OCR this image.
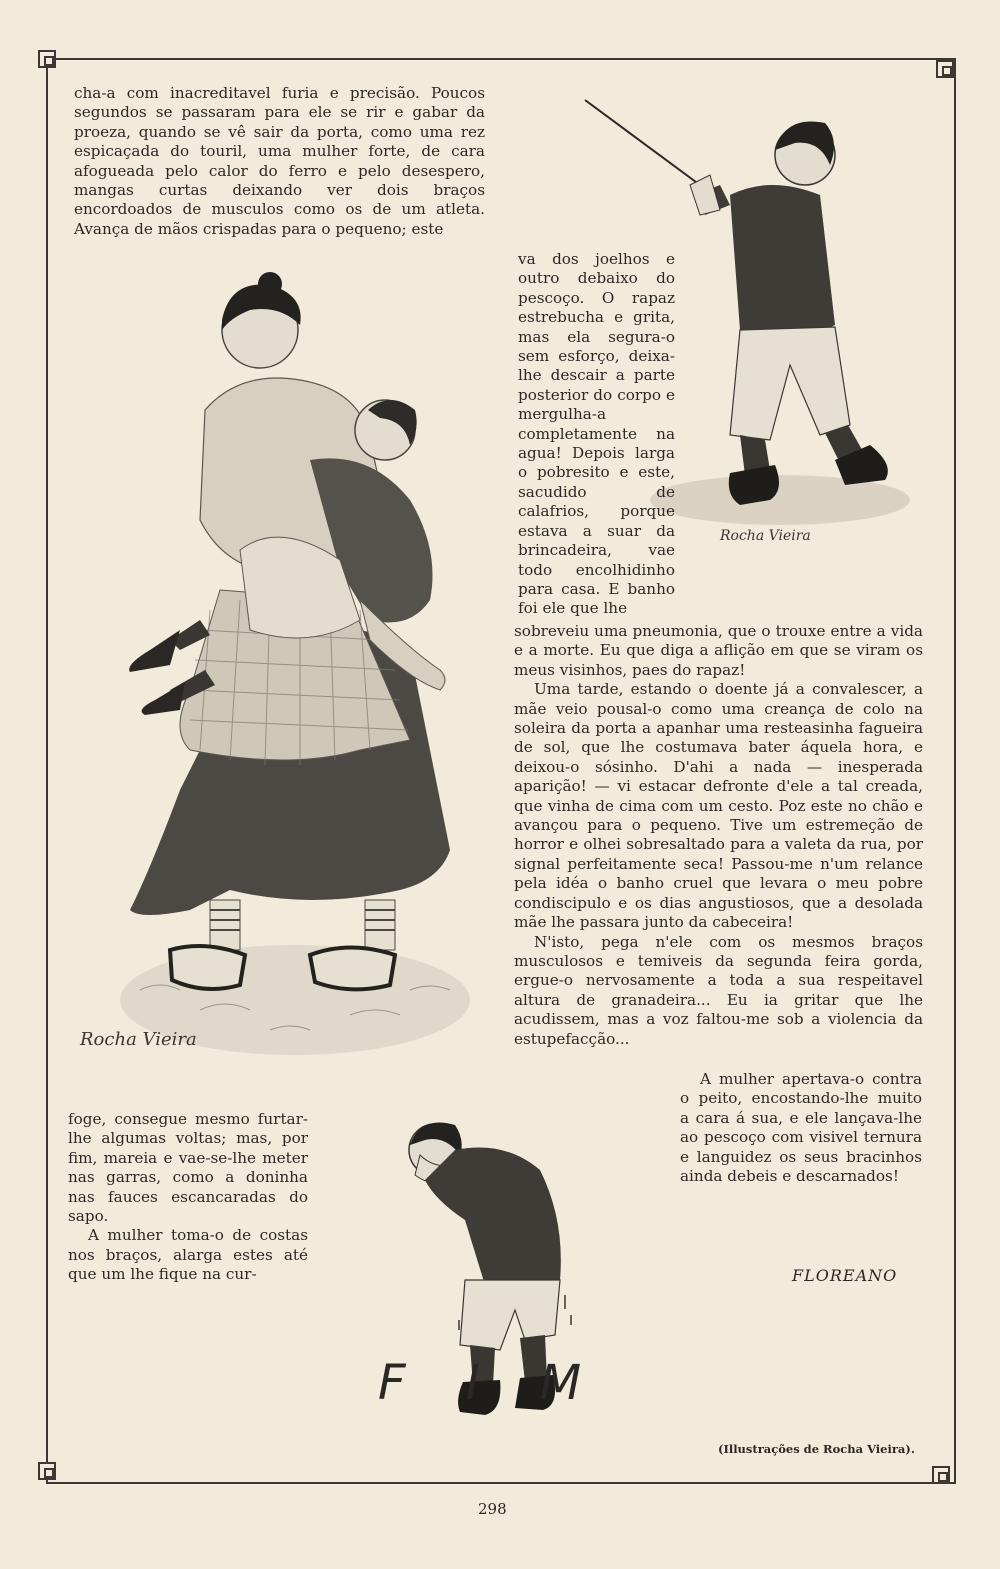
cha-a com inacreditavel furia e precisão. Poucos segundos se passaram para ele se rir e gabar da proeza, quando se vê sair da porta, como uma rez espicaçada do touril, uma mulher forte, de cara afogueada pelo calor do ferro e pelo desespero, mangas curtas deixando ver dois braços encordoados de musculos como os de um atleta. Avança de mãos crispadas para o pequeno; este

Rocha Vieira
Rocha Vieira

va dos joelhos e outro debaixo do pescoço. O rapaz estrebucha e grita, mas ela segura-o sem esforço, deixa-lhe descair a parte posterior do corpo e mergulha-a completamente na agua! Depois larga o pobresito e este, sacudido de calafrios, porque estava a suar da brincadeira, vae todo encolhidinho para casa. E banho foi ele que lhe

sobreveiu uma pneumonia, que o trouxe entre a vida e a morte. Eu que diga a aflição em que se viram os meus visinhos, paes do rapaz!

Uma tarde, estando o doente já a convalescer, a mãe veio pousal-o como uma creança de colo na soleira da porta a apanhar uma resteasinha fagueira de sol, que lhe costumava bater áquela hora, e deixou-o sósinho. D'ahi a nada — inesperada aparição! — vi estacar defronte d'ele a tal creada, que vinha de cima com um cesto. Poz este no chão e avançou para o pequeno. Tive um estremeção de horror e olhei sobresaltado para a valeta da rua, por signal perfeitamente seca! Passou-me n'um relance pela idéa o banho cruel que levara o meu pobre condiscipulo e os dias angustiosos, que a desolada mãe lhe passara junto da cabeceira!

N'isto, pega n'ele com os mesmos braços musculosos e temiveis da segunda feira gorda, ergue-o nervosamente a toda a sua respeitavel altura de granadeira... Eu ia gritar que lhe acudissem, mas a voz faltou-me sob a violencia da estupefacção...

foge, consegue mesmo furtar-lhe algumas voltas; mas, por fim, mareia e vae-se-lhe meter nas garras, como a doninha nas fauces escancaradas do sapo.

A mulher toma-o de costas nos braços, alarga estes até que um lhe fique na cur-

A mulher apertava-o contra o peito, encostando-lhe muito a cara á sua, e ele lançava-lhe ao pescoço com visivel ternura e languidez os seus bracinhos ainda debeis e descarnados!

FIM
FLOREANO
(Illustrações de Rocha Vieira).
298
